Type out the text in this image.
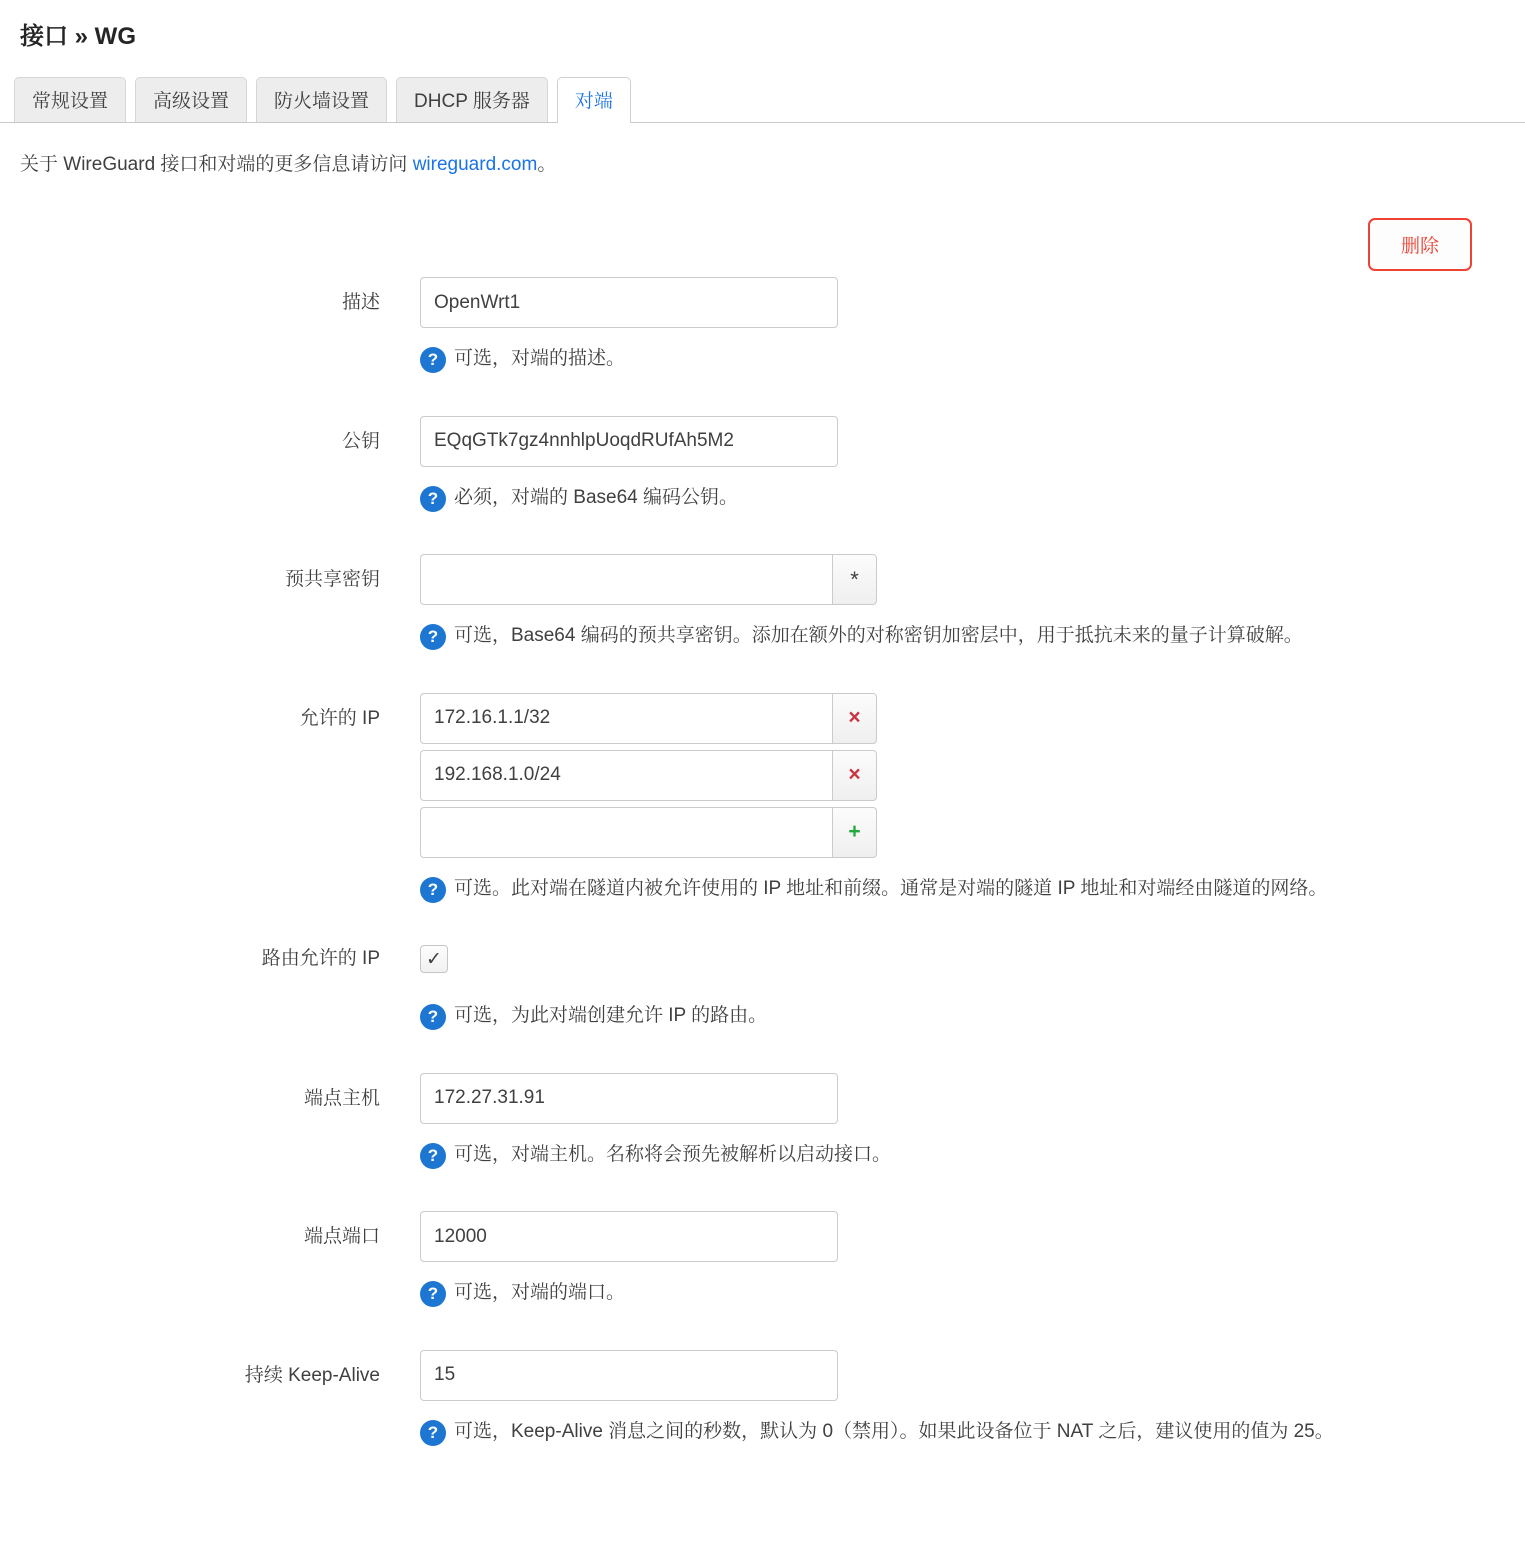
接口 » WG
常规设置	高级设置	防火墙设置	DHCP 服务器	对端

关于 WireGuard 接口和对端的更多信息请访问 wireguard.com。

删除
描述
OpenWrt1
? 可选，对端的描述。
公钥
EQqGTk7gz4nnhlpUoqdRUfAh5M2
? 必须，对端的 Base64 编码公钥。
预共享密钥	*
? 可选，Base64 编码的预共享密钥。添加在额外的对称密钥加密层中，用于抵抗未来的量子计算破解。
允许的 IP
172.16.1.1/32	×
192.168.1.0/24
×
+
? 可选。此对端在隧道内被允许使用的 IP 地址和前缀。通常是对端的隧道 IP 地址和对端经由隧道的网络。
路由允许的 IP	✓
? 可选，为此对端创建允许 IP 的路由。
端点主机
172.27.31.91
? 可选，对端主机。名称将会预先被解析以启动接口。
端点端口
12000
? 可选，对端的端口。
持续 Keep-Alive
15
? 可选，Keep-Alive 消息之间的秒数，默认为 0（禁用）。如果此设备位于 NAT 之后，建议使用的值为 25。
